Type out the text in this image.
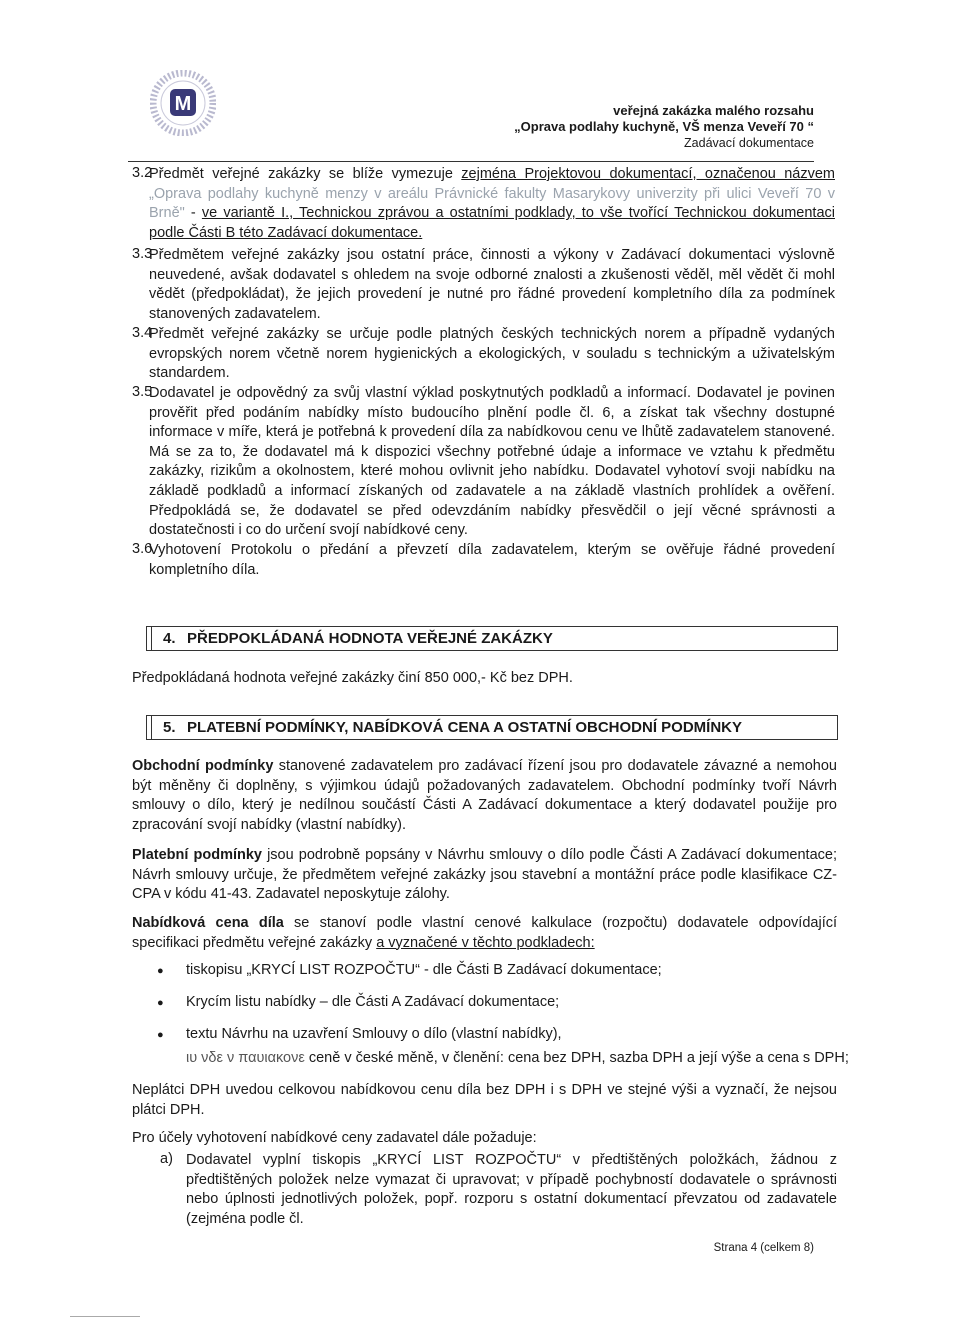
M	veřejná zakázka malého rozsahu
„Oprava podlahy kuchyně, VŠ menza Veveří 70 “
Zadávací dokumentace
3.2
Předmět veřejné zakázky se blíže vymezuje zejména Projektovou dokumentací, označenou názvem „Oprava podlahy kuchyně menzy v areálu Právnické fakulty Masarykovy univerzity při ulici Veveří 70 v Brně" - ve variantě I., Technickou zprávou a ostatními podklady, to vše tvořící Technickou dokumentaci podle Části B této Zadávací dokumentace.
3.3
Předmětem veřejné zakázky jsou ostatní práce, činnosti a výkony v Zadávací dokumentaci výslovně neuvedené, avšak dodavatel s ohledem na svoje odborné znalosti a zkušenosti věděl, měl vědět či mohl vědět (předpokládat), že jejich provedení je nutné pro řádné provedení kompletního díla za podmínek stanovených zadavatelem.
3.4
Předmět veřejné zakázky se určuje podle platných českých technických norem a případně vydaných evropských norem včetně norem hygienických a ekologických, v souladu s technickým a uživatelským standardem.
3.5
Dodavatel je odpovědný za svůj vlastní výklad poskytnutých podkladů a informací. Dodavatel je povinen prověřit před podáním nabídky místo budoucího plnění podle čl. 6, a získat tak všechny dostupné informace v míře, která je potřebná k provedení díla za nabídkovou cenu ve lhůtě zadavatelem stanovené. Má se za to, že dodavatel má k dispozici všechny potřebné údaje a informace ve vztahu k předmětu zakázky, rizikům a okolnostem, které mohou ovlivnit jeho nabídku. Dodavatel vyhotoví svoji nabídku na základě podkladů a informací získaných od zadavatele a na základě vlastních prohlídek a ověření. Předpokládá se, že dodavatel se před odevzdáním nabídky přesvědčil o její věcné správnosti a dostatečnosti i co do určení svojí nabídkové ceny.
3.6
Vyhotovení Protokolu o předání a převzetí díla zadavatelem, kterým se ověřuje řádné provedení kompletního díla.
4. PŘEDPOKLÁDANÁ HODNOTA VEŘEJNÉ ZAKÁZKY
Předpokládaná hodnota veřejné zakázky činí 850 000,- Kč bez DPH.
5. PLATEBNÍ PODMÍNKY, NABÍDKOVÁ CENA A OSTATNÍ OBCHODNÍ PODMÍNKY
Obchodní podmínky stanovené zadavatelem pro zadávací řízení jsou pro dodavatele závazné a nemohou být měněny či doplněny, s výjimkou údajů požadovaných zadavatelem. Obchodní podmínky tvoří Návrh smlouvy o dílo, který je nedílnou součástí Části A Zadávací dokumentace a který dodavatel použije pro zpracování svojí nabídky (vlastní nabídky).
Platební podmínky jsou podrobně popsány v Návrhu smlouvy o dílo podle Části A Zadávací dokumentace; Návrh smlouvy určuje, že předmětem veřejné zakázky jsou stavební a montážní práce podle klasifikace CZ-CPA v kódu 41-43. Zadavatel neposkytuje zálohy.
Nabídková cena díla se stanoví podle vlastní cenové kalkulace (rozpočtu) dodavatele odpovídající specifikaci předmětu veřejné zakázky a vyznačené v těchto podkladech:
● tiskopisu „KRYCÍ LIST ROZPOČTU“ - dle Části B Zadávací dokumentace;
● Krycím listu nabídky – dle Části A Zadávací dokumentace;
● textu Návrhu na uzavření Smlouvy o dílo (vlastní nabídky),
ιυ νδε ν παυιακονε ceně v české měně, v členění: cena bez DPH, sazba DPH a její výše a cena s DPH;
Neplátci DPH uvedou celkovou nabídkovou cenu díla bez DPH i s DPH ve stejné výši a vyznačí, že nejsou plátci DPH.
Pro účely vyhotovení nabídkové ceny zadavatel dále požaduje:
a) Dodavatel vyplní tiskopis „KRYCÍ LIST ROZPOČTU“ v předtištěných položkách, žádnou z předtištěných položek nelze vymazat či upravovat; v případě pochybností dodavatele o správnosti nebo úplnosti jednotlivých položek, popř. rozporu s ostatní dokumentací převzatou od zadavatele (zejména podle čl.
Strana 4 (celkem 8)
